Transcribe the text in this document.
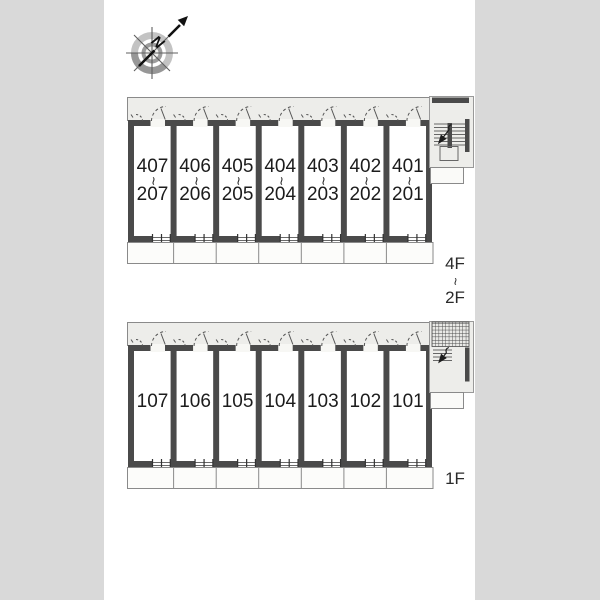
N
407
~
207
406
~
206
405
~
205
404
~
204
403
~
203
402
~
202
401
~
201
107 106 105 104 103 102 101
4F
~
2F
1F
